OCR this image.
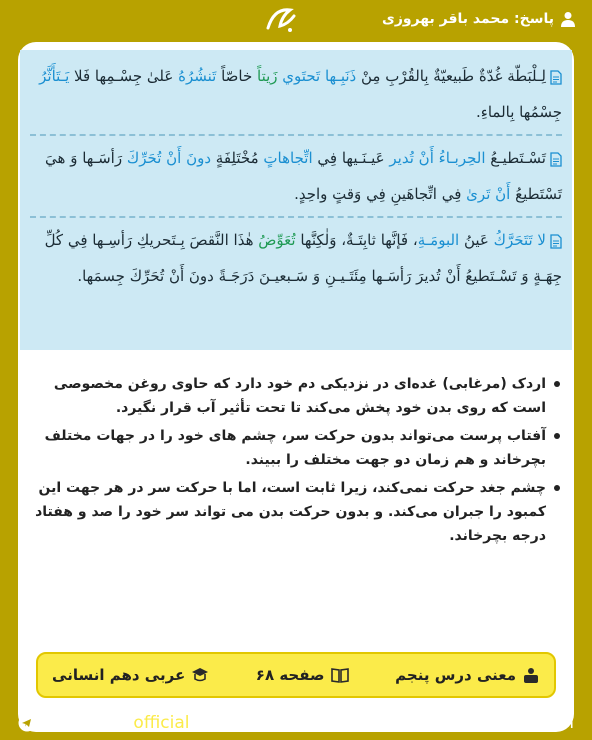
پاسخ: محمد باقر بهروزی

لِـلْبَطّة غُدّةٌ طَبيعيّةٌ بِالقُرْبِ مِنْ ذَنَبِـها تَحتَوي زَيتاً خاصّاً تَنشُرُهُ عَلیٰ جِسْـمِها فَلا يَـتَأَثَّرُ جِسْمُها بِالماءِ.

تَسْـتَطيـعُ الحِربـاءُ أَنْ تُدير عَيـنَـيها فِي اتِّجاهاتٍ مُخْتَلِفَةٍ دونَ أَنْ تُحَرِّكَ رَأسَـها وَ هيَ تَسْتَطيعُ أَنْ تَرىٰ فِي اتِّجاهَينِ فِي وَقتٍ واحِدٍ.

لا تَتَحَرَّكُ عَينُ البومَـةِ، فَإنَّها ثابِتَـةٌ، وَلٰكِنَّها تُعَوِّضُ هٰذَا النَّقصَ بِـتَحريكِ رَأسِـها فِي كُلِّ جِهَـةٍ وَ تَسْـتَطيعُ أَنْ تُديرَ رَأسَـها مِئَتَـيـنِ وَ سَـبعيـنَ دَرَجَـةً دونَ أَنْ تُحَرِّكَ جِسمَها.

اردک (مرغابی) غده‌ای در نزدیکی دم خود دارد که حاوی روغن مخصوصی است که روی بدن خود پخش می‌کند تا تحت تأثیر آب قرار نگیرد.
آفتاب پرست می‌تواند بدون حرکت سر، چشم های خود را در جهات مختلف بچرخاند و هم زمان دو جهت مختلف را ببیند.
چشم جغد حرکت نمی‌کند، زیرا ثابت است، اما با حرکت سر در هر جهت این کمبود را جبران می‌کند. و بدون حرکت بدن می تواند سر خود را صد و هفتاد درجه بچرخاند.
معنی درس پنجم
صفحه ۶۸
عربی دهم انسانی
bekhunofficial	bekhun.com
